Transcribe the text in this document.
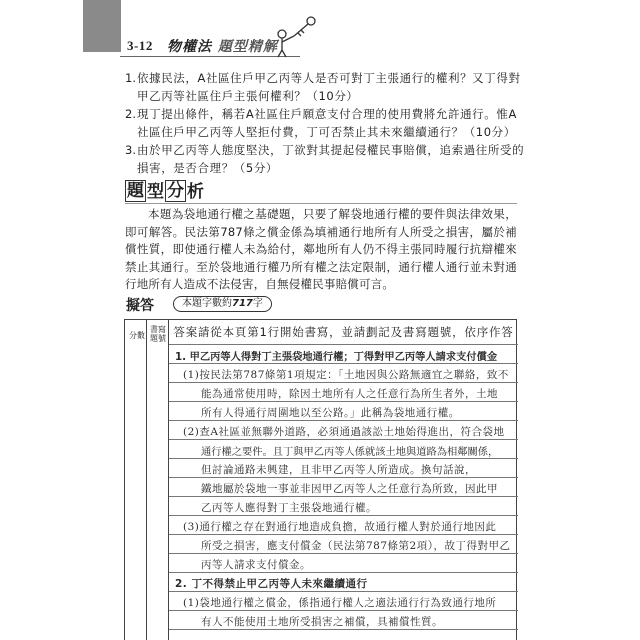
3-12 物權法 題型精解
1. 依據民法，A社區住戶甲乙丙等人是否可對丁主張通行的權利？又丁得對甲乙丙等社區住戶主張何權利？（10分）
2. 現丁提出條件，稱若A社區住戶願意支付合理的使用費將允許通行。惟A社區住戶甲乙丙等人堅拒付費，丁可否禁止其未來繼續通行？（10分）
3. 由於甲乙丙等人態度堅決，丁欲對其提起侵權民事賠償，追索過往所受的損害，是否合理？（5分）
題 型 分 析
本題為袋地通行權之基礎題，只要了解袋地通行權的要件與法律效果，即可解答。民法第787條之償金係為填補通行地所有人所受之損害，屬於補償性質，即使通行權人未為給付，鄰地所有人仍不得主張同時履行抗辯權來禁止其通行。至於袋地通行權乃所有權之法定限制，通行權人通行並未對通行地所有人造成不法侵害，自無侵權民事賠償可言。
擬答	本題字數約717字
分數
書寫題號 答案請從本頁第1行開始書寫，並請劃記及書寫題號，依序作答
1. 甲乙丙等人得對丁主張袋地通行權；丁得對甲乙丙等人請求支付償金
(1)按民法第787條第1項規定：「土地因與公路無適宜之聯絡，致不
能為通常使用時，除因土地所有人之任意行為所生者外，土地
所有人得通行周圍地以至公路。」此稱為袋地通行權。
(2)查A社區並無聯外道路，必須通過該訟土地始得進出，符合袋地
通行權之要件。且丁與甲乙丙等人係就該土地與道路為相鄰關係，
但討論通路未興建，且非甲乙丙等人所造成。換句話說，
鐵地屬於袋地一事並非因甲乙丙等人之任意行為所致，因此甲
乙丙等人應得對丁主張袋地通行權。
(3)通行權之存在對通行地造成負擔，故通行權人對於通行地因此
所受之損害，應支付償金（民法第787條第2項），故丁得對甲乙
丙等人請求支付償金。
2. 丁不得禁止甲乙丙等人未來繼續通行
(1)袋地通行權之償金，係指通行權人之適法通行行為致通行地所
有人不能使用土地所受損害之補償，具補償性質。
